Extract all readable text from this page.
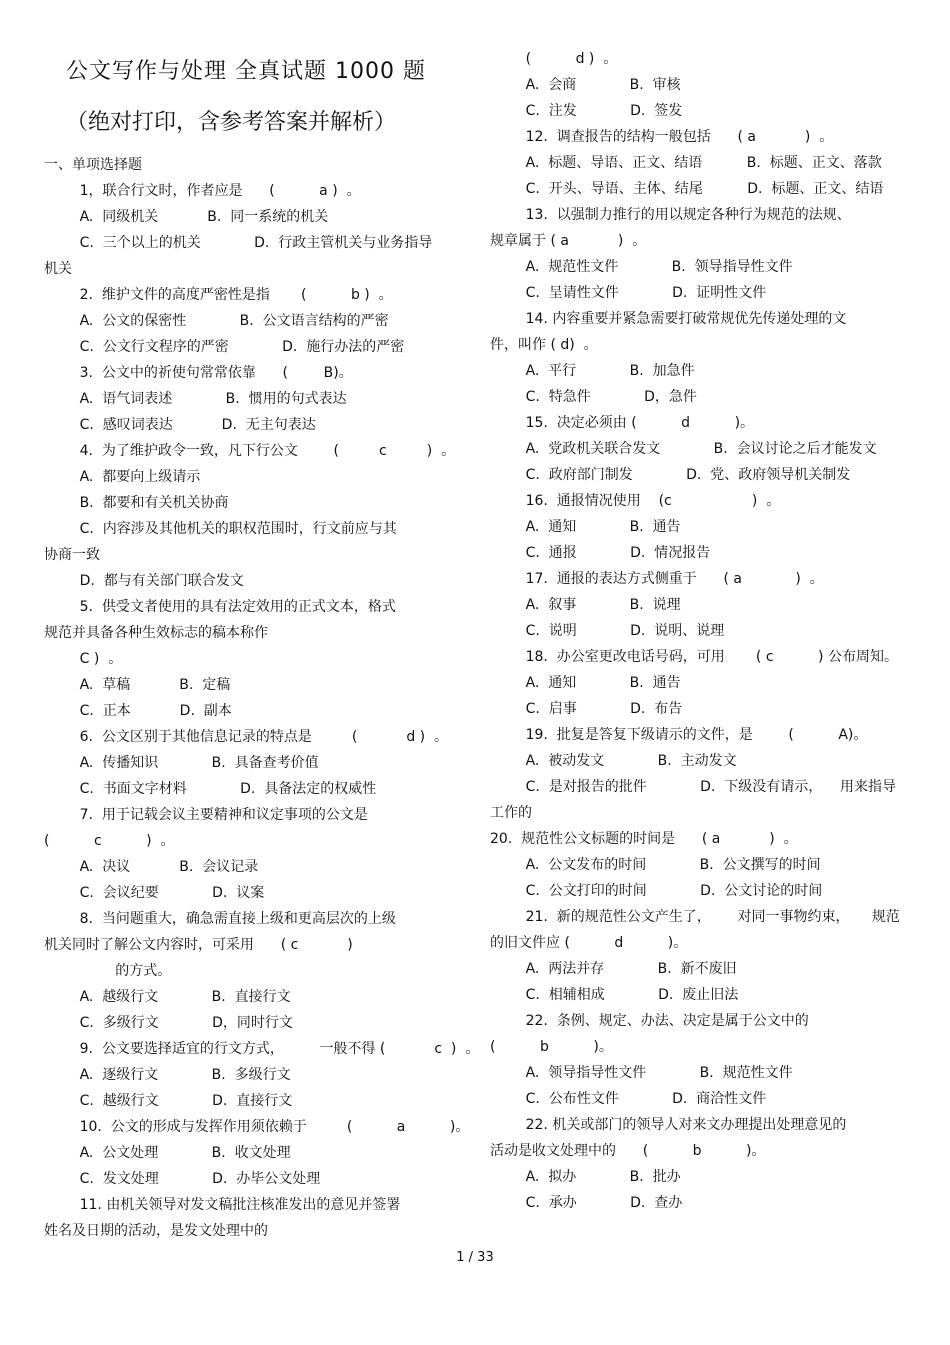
公文写作与处理 全真试题 1000 题
（绝对打印，含参考答案并解析）
一、单项选择题
1，联合行文时，作者应是      (          a )  。
A.  同级机关           B.  同一系统的机关
C.  三个以上的机关            D.  行政主管机关与业务指导
机关
2.  维护文件的高度严密性是指       (          b )  。
A.  公文的保密性            B.  公文语言结构的严密
C.  公文行文程序的严密            D.  施行办法的严密
3.  公文中的祈使句常常依靠      (        B)。
A.  语气词表述            B.  惯用的句式表达
C.  感叹词表达           D.  无主句表达
4.  为了维护政令一致，凡下行公文        (         c         )  。
A.  都要向上级请示
B.  都要和有关机关协商
C.  内容涉及其他机关的职权范围时，行文前应与其
协商一致
D.  都与有关部门联合发文
5.  供受文者使用的具有法定效用的正式文本，格式
规范并具备各种生效标志的稿本称作
C )  。
A.  草稿           B.  定稿
C.  正本           D.  副本
6.  公文区别于其他信息记录的特点是         (           d )  。
A.  传播知识            B.  具备查考价值
C.  书面文字材料            D.  具备法定的权威性
7.  用于记载会议主要精神和议定事项的公文是
(          c          )  。
A.  决议           B.  会议记录
C.  会议纪要            D.  议案
8.  当问题重大，确急需直接上级和更高层次的上级
机关同时了解公文内容时，可采用      ( c           )
的方式。
A.  越级行文            B.  直接行文
C.  多级行文            D，同时行文
9.  公文要选择适宜的行文方式，        一般不得 (           c  )  。
A.  逐级行文            B.  多级行文
C.  越级行文            D.  直接行文
10.  公文的形成与发挥作用须依赖于         (          a          )。
A.  公文处理            B.  收文处理
C.  发文处理            D.  办毕公文处理
11. 由机关领导对发文稿批注核准发出的意见并签署
姓名及日期的活动，是发文处理中的
(          d )  。
A.  会商            B.  审核
C.  注发            D.  签发
12.  调查报告的结构一般包括      ( a           )  。
A.  标题、导语、正文、结语          B.  标题、正文、落款
C.  开头、导语、主体、结尾          D.  标题、正文、结语
13.  以强制力推行的用以规定各种行为规范的法规、
规章属于 ( a           )  。
A.  规范性文件            B.  领导指导性文件
C.  呈请性文件            D.  证明性文件
14. 内容重要并紧急需要打破常规优先传递处理的文
件，叫作 ( d)  。
A.  平行            B.  加急件
C.  特急件            D，急件
15.  决定必须由 (          d          )。
A.  党政机关联合发文            B.  会议讨论之后才能发文
C.  政府部门制发            D.  党、政府领导机关制发
16.  通报情况使用    (c                  )  。
A.  通知            B.  通告
C.  通报            D.  情况报告
17.  通报的表达方式侧重于      ( a            )  。
A.  叙事            B.  说理
C.  说明            D.  说明、说理
18.  办公室更改电话号码，可用       ( c          ) 公布周知。
A.  通知            B.  通告
C.  启事            D.  布告
19.  批复是答复下级请示的文件，是        (          A)。
A.  被动发文            B.  主动发文
C.  是对报告的批件            D.  下级没有请示，    用来指导
工作的
20.  规范性公文标题的时间是      ( a           )  。
A.  公文发布的时间            B.  公文撰写的时间
C.  公文打印的时间            D.  公文讨论的时间
21.  新的规范性公文产生了，      对同一事物约束，     规范
的旧文件应 (          d          )。
A.  两法并存            B.  新不废旧
C.  相辅相成            D.  废止旧法
22.  条例、规定、办法、决定是属于公文中的
(          b          )。
A.  领导指导性文件            B.  规范性文件
C.  公布性文件            D.  商洽性文件
22. 机关或部门的领导人对来文办理提出处理意见的
活动是收文处理中的      (          b          )。
A.  拟办            B.  批办
C.  承办            D.  查办
1 / 33
